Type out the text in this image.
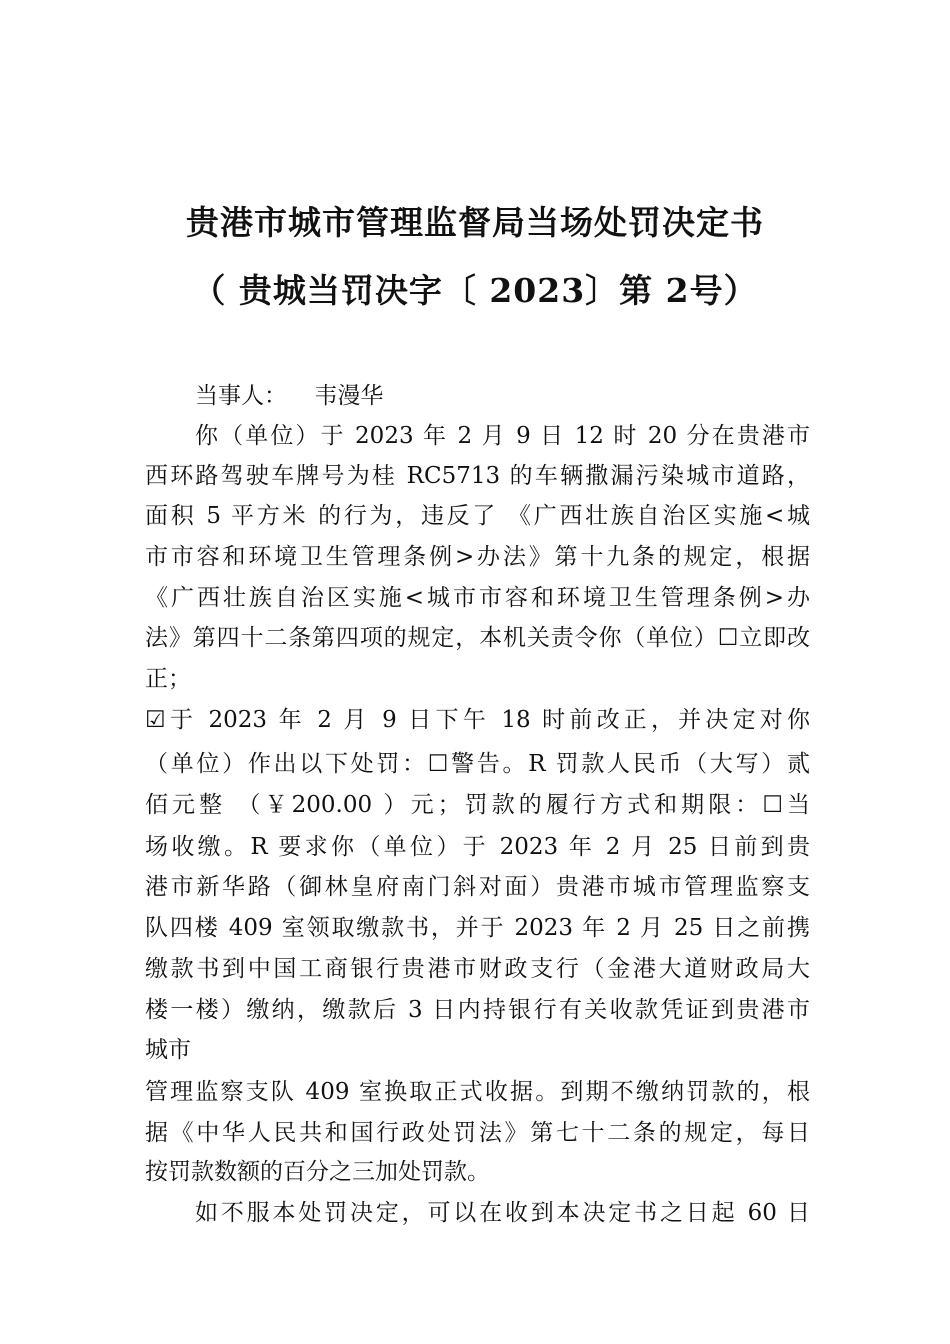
贵港市城市管理监督局当场处罚决定书
（ 贵城当罚决字〔 2023〕第 2号）
当事人： 韦漫华
你（单位）于 2023 年 2 月 9 日 12 时 20 分在贵港市
西环路驾驶车牌号为桂 RC5713 的车辆撒漏污染城市道路，
面积 5 平方米 的行为，违反了 《广西壮族自治区实施<城
市市容和环境卫生管理条例>办法》第十九条的规定，根据
《广西壮族自治区实施<城市市容和环境卫生管理条例>办
法》第四十二条第四项的规定，本机关责令你（单位）☐立即改
正；
☑于 2023 年 2 月 9 日下午 18 时前改正，并决定对你
（单位）作出以下处罚：☐警告。R 罚款人民币（大写）贰
佰元整 （￥200.00 ）元；罚款的履行方式和期限：☐当
场收缴。R 要求你（单位）于 2023 年 2 月 25 日前到贵
港市新华路（御林皇府南门斜对面）贵港市城市管理监察支
队四楼 409 室领取缴款书，并于 2023 年 2 月 25 日之前携
缴款书到中国工商银行贵港市财政支行（金港大道财政局大
楼一楼）缴纳，缴款后 3 日内持银行有关收款凭证到贵港市
城市
管理监察支队 409 室换取正式收据。到期不缴纳罚款的，根
据《中华人民共和国行政处罚法》第七十二条的规定，每日
按罚款数额的百分之三加处罚款。
如不服本处罚决定，可以在收到本决定书之日起 60 日
